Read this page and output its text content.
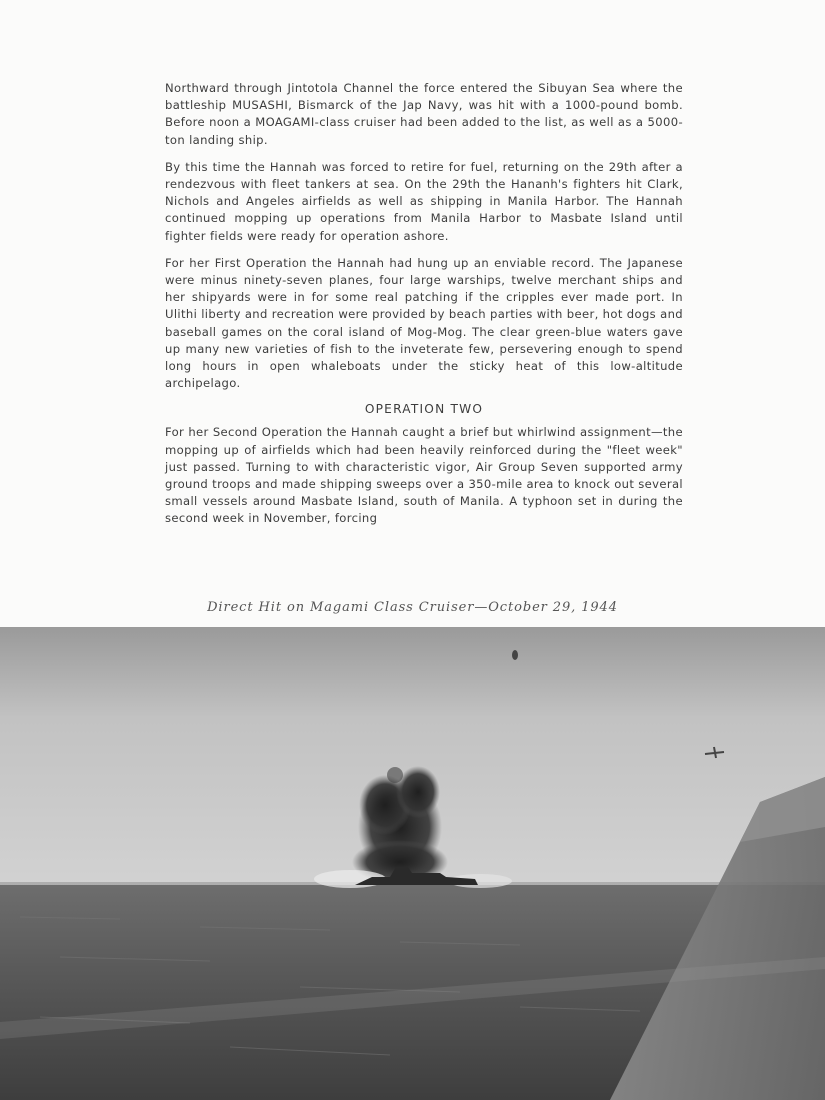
Northward through Jintotola Channel the force entered the Sibuyan Sea where the battleship MUSASHI, Bismarck of the Jap Navy, was hit with a 1000-pound bomb. Before noon a MOAGAMI-class cruiser had been added to the list, as well as a 5000-ton landing ship.

By this time the Hannah was forced to retire for fuel, returning on the 29th after a rendezvous with fleet tankers at sea. On the 29th the Hananh's fighters hit Clark, Nichols and Angeles airfields as well as shipping in Manila Harbor. The Hannah continued mopping up operations from Manila Harbor to Masbate Island until fighter fields were ready for operation ashore.

For her First Operation the Hannah had hung up an enviable record. The Japanese were minus ninety-seven planes, four large warships, twelve merchant ships and her shipyards were in for some real patching if the cripples ever made port. In Ulithi liberty and recreation were provided by beach parties with beer, hot dogs and baseball games on the coral island of Mog-Mog. The clear green-blue waters gave up many new varieties of fish to the inveterate few, persevering enough to spend long hours in open whaleboats under the sticky heat of this low-altitude archipelago.

OPERATION TWO

For her Second Operation the Hannah caught a brief but whirlwind assignment—the mopping up of airfields which had been heavily reinforced during the "fleet week" just passed. Turning to with characteristic vigor, Air Group Seven supported army ground troops and made shipping sweeps over a 350-mile area to knock out several small vessels around Masbate Island, south of Manila. A typhoon set in during the second week in November, forcing

Direct Hit on Magami Class Cruiser—October 29, 1944
